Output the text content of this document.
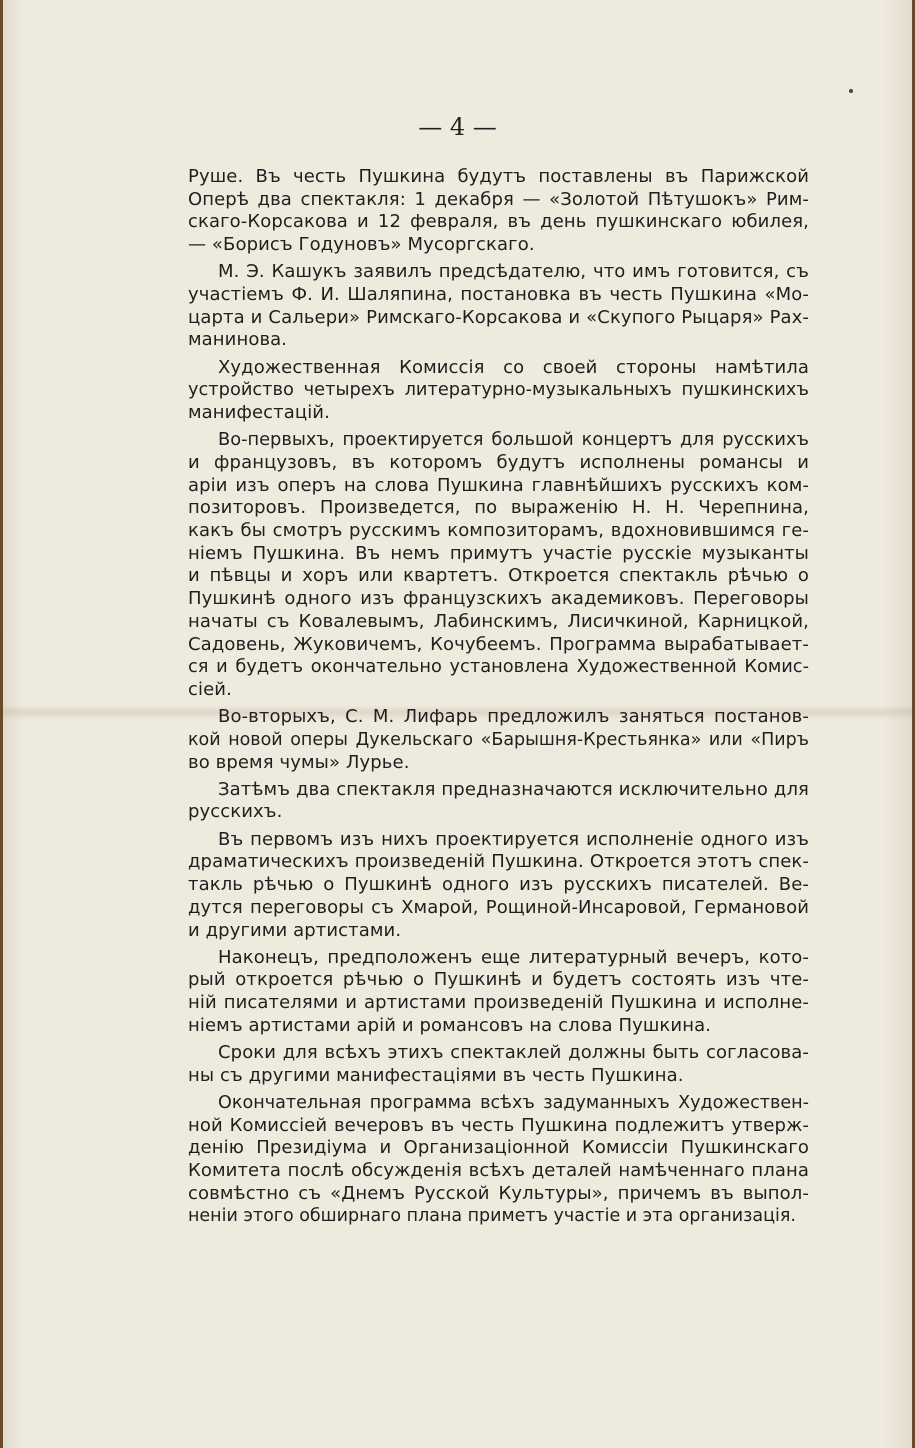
— 4 —
Руше. Въ честь Пушкина будутъ поставлены въ Парижской
Оперѣ два спектакля: 1 декабря — «Золотой Пѣтушокъ» Рим-
скаго-Корсакова и 12 февраля, въ день пушкинскаго юбилея,
— «Борисъ Годуновъ» Мусоргскаго.
М. Э. Кашукъ заявилъ предсѣдателю, что имъ готовится, съ
участіемъ Ф. И. Шаляпина, постановка въ честь Пушкина «Мо-
царта и Сальери» Римскаго-Корсакова и «Скупого Рыцаря» Рах-
манинова.
Художественная Комиссія со своей стороны намѣтила
устройство четырехъ литературно-музыкальныхъ пушкинскихъ
манифестацій.
Во-первыхъ, проектируется большой концертъ для русскихъ
и французовъ, въ которомъ будутъ исполнены романсы и
аріи изъ оперъ на слова Пушкина главнѣйшихъ русскихъ ком-
позиторовъ. Произведется, по выраженію Н. Н. Черепнина,
какъ бы смотръ русскимъ композиторамъ, вдохновившимся ге-
ніемъ Пушкина. Въ немъ примутъ участіе русскіе музыканты
и пѣвцы и хоръ или квартетъ. Откроется спектакль рѣчью о
Пушкинѣ одного изъ французскихъ академиковъ. Переговоры
начаты съ Ковалевымъ, Лабинскимъ, Лисичкиной, Карницкой,
Садовень, Жуковичемъ, Кочубеемъ. Программа вырабатывает-
ся и будетъ окончательно установлена Художественной Комис-
сіей.
Во-вторыхъ, С. М. Лифарь предложилъ заняться постанов-
кой новой оперы Дукельскаго «Барышня-Крестьянка» или «Пиръ
во время чумы» Лурье.
Затѣмъ два спектакля предназначаются исключительно для
русскихъ.
Въ первомъ изъ нихъ проектируется исполненіе одного изъ
драматическихъ произведеній Пушкина. Откроется этотъ спек-
такль рѣчью о Пушкинѣ одного изъ русскихъ писателей. Ве-
дутся переговоры съ Хмарой, Рощиной-Инсаровой, Германовой
и другими артистами.
Наконецъ, предположенъ еще литературный вечеръ, кото-
рый откроется рѣчью о Пушкинѣ и будетъ состоять изъ чте-
ній писателями и артистами произведеній Пушкина и исполне-
ніемъ артистами арій и романсовъ на слова Пушкина.
Сроки для всѣхъ этихъ спектаклей должны быть согласова-
ны съ другими манифестаціями въ честь Пушкина.
Окончательная программа всѣхъ задуманныхъ Художествен-
ной Комиссіей вечеровъ въ честь Пушкина подлежитъ утверж-
денію Президіума и Организаціонной Комиссіи Пушкинскаго
Комитета послѣ обсужденія всѣхъ деталей намѣченнаго плана
совмѣстно съ «Днемъ Русской Культуры», причемъ въ выпол-
неніи этого обширнаго плана приметъ участіе и эта организація.
